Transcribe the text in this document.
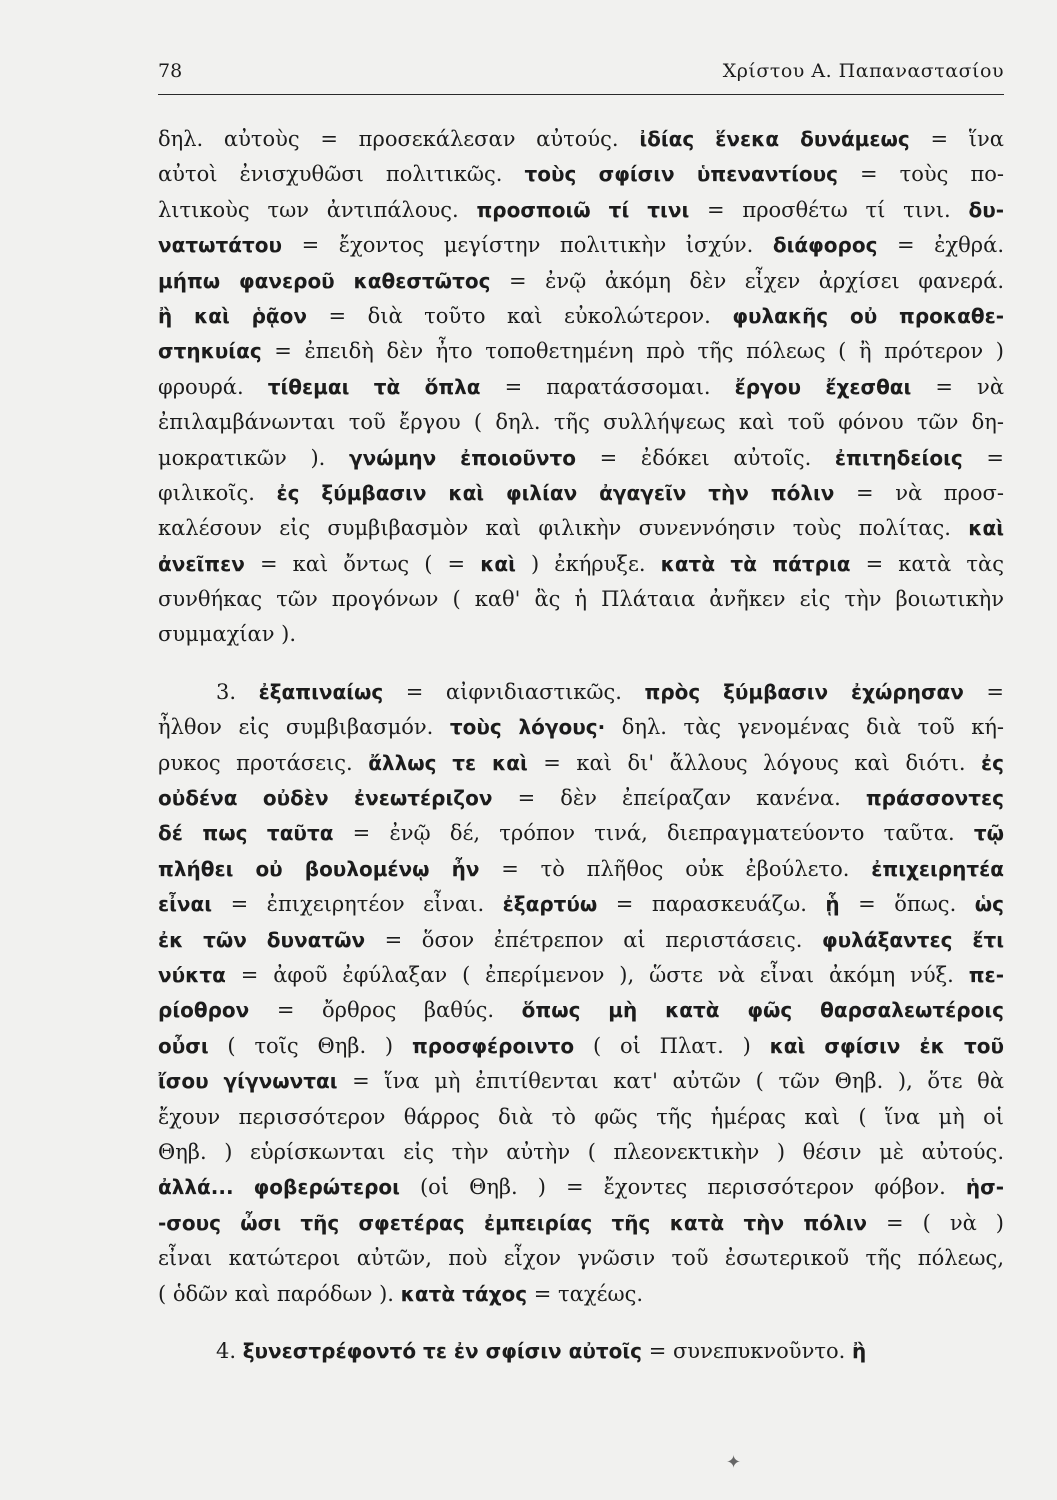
78	Χρίστου Α. Παπαναστασίου
δηλ. αὐτοὺς = προσεκάλεσαν αὐτούς. ἰδίας ἕνεκα δυνάμεως = ἵνα
αὐτοὶ ἐνισχυθῶσι πολιτικῶς. τοὺς σφίσιν ὑπεναντίους = τοὺς πο-
λιτικοὺς των ἀντιπάλους. προσποιῶ τί τινι = προσθέτω τί τινι. δυ-
νατωτάτου = ἔχοντος μεγίστην πολιτικὴν ἰσχύν. διάφορος = ἐχθρά.
μήπω φανεροῦ καθεστῶτος = ἐνῷ ἀκόμη δὲν εἶχεν ἀρχίσει φανερά.
ἢ καὶ ῥᾷον = διὰ τοῦτο καὶ εὐκολώτερον. φυλακῆς οὐ προκαθε-
στηκυίας = ἐπειδὴ δὲν ἦτο τοποθετημένη πρὸ τῆς πόλεως ( ἢ πρότερον )
φρουρά. τίθεμαι τὰ ὅπλα = παρατάσσομαι. ἔργου ἔχεσθαι = νὰ
ἐπιλαμβάνωνται τοῦ ἔργου ( δηλ. τῆς συλλήψεως καὶ τοῦ φόνου τῶν δη-
μοκρατικῶν ). γνώμην ἐποιοῦντο = ἐδόκει αὐτοῖς. ἐπιτηδείοις =
φιλικοῖς. ἐς ξύμβασιν καὶ φιλίαν ἀγαγεῖν τὴν πόλιν = νὰ προσ-
καλέσουν εἰς συμβιβασμὸν καὶ φιλικὴν συνεννόησιν τοὺς πολίτας. καὶ
ἀνεῖπεν = καὶ ὄντως ( = καὶ ) ἐκήρυξε. κατὰ τὰ πάτρια = κατὰ τὰς
συνθήκας τῶν προγόνων ( καθ' ἃς ἡ Πλάταια ἀνῆκεν εἰς τὴν βοιωτικὴν
συμμαχίαν ).
3. ἐξαπιναίως = αἰφνιδιαστικῶς. πρὸς ξύμβασιν ἐχώρησαν =
ἦλθον εἰς συμβιβασμόν. τοὺς λόγους· δηλ. τὰς γενομένας διὰ τοῦ κή-
ρυκος προτάσεις. ἄλλως τε καὶ = καὶ δι' ἄλλους λόγους καὶ διότι. ἐς
οὐδένα οὐδὲν ἐνεωτέριζον = δὲν ἐπείραζαν κανένα. πράσσοντες
δέ πως ταῦτα = ἐνῷ δέ, τρόπον τινά, διεπραγματεύοντο ταῦτα. τῷ
πλήθει οὐ βουλομένῳ ἦν = τὸ πλῆθος οὐκ ἐβούλετο. ἐπιχειρητέα
εἶναι = ἐπιχειρητέον εἶναι. ἐξαρτύω = παρασκευάζω. ᾗ = ὅπως. ὡς
ἐκ τῶν δυνατῶν = ὅσον ἐπέτρεπον αἱ περιστάσεις. φυλάξαντες ἔτι
νύκτα = ἀφοῦ ἐφύλαξαν ( ἐπερίμενον ), ὥστε νὰ εἶναι ἀκόμη νύξ. πε-
ρίοθρον = ὄρθρος βαθύς. ὅπως μὴ κατὰ φῶς θαρσαλεωτέροις
οὖσι ( τοῖς Θηβ. ) προσφέροιντο ( οἱ Πλατ. ) καὶ σφίσιν ἐκ τοῦ
ἴσου γίγνωνται = ἵνα μὴ ἐπιτίθενται κατ' αὐτῶν ( τῶν Θηβ. ), ὅτε θὰ
ἔχουν περισσότερον θάρρος διὰ τὸ φῶς τῆς ἡμέρας καὶ ( ἵνα μὴ οἱ
Θηβ. ) εὑρίσκωνται εἰς τὴν αὐτὴν ( πλεονεκτικὴν ) θέσιν μὲ αὐτούς.
ἀλλά... φοβερώτεροι (οἱ Θηβ. ) = ἔχοντες περισσότερον φόβον. ἡσ-
-σους ὦσι τῆς σφετέρας ἐμπειρίας τῆς κατὰ τὴν πόλιν = ( νὰ )
εἶναι κατώτεροι αὐτῶν, ποὺ εἶχον γνῶσιν τοῦ ἐσωτερικοῦ τῆς πόλεως,
( ὁδῶν καὶ παρόδων ). κατὰ τάχος = ταχέως.
4. ξυνεστρέφοντό τε ἐν σφίσιν αὐτοῖς = συνεπυκνοῦντο. ἢ
✦
